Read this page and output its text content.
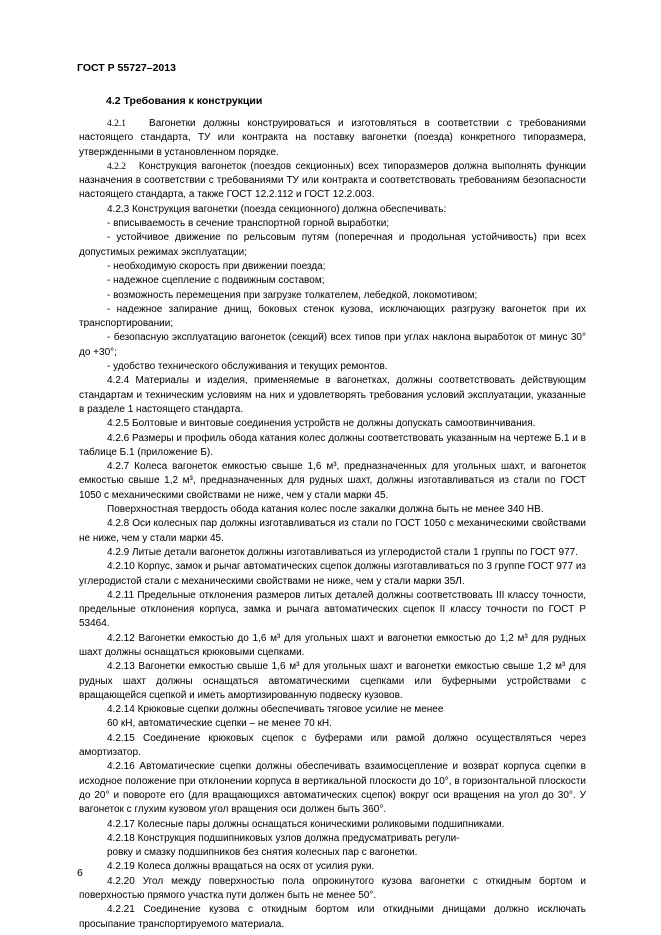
ГОСТ Р 55727–2013
4.2 Требования к конструкции

4.2.1 Вагонетки должны конструироваться и изготовляться в соответствии с требованиями настоящего стандарта, ТУ или контракта на поставку вагонетки (поезда) конкретного типоразмера, утвержденными в установленном порядке.

4.2.2 Конструкция вагонеток (поездов секционных) всех типоразмеров должна выполнять функции назначения в соответствии с требованиями ТУ или контракта и соответствовать требованиям безопасности настоящего стандарта, а также ГОСТ 12.2.112 и ГОСТ 12.2.003.

4.2.3 Конструкция вагонетки (поезда секционного) должна обеспечивать:

- вписываемость в сечение транспортной горной выработки;

- устойчивое движение по рельсовым путям (поперечная и продольная устойчивость) при всех допустимых режимах эксплуатации;

- необходимую скорость при движении поезда;

- надежное сцепление с подвижным составом;

- возможность перемещения при загрузке толкателем, лебедкой, локомотивом;

- надежное запирание днищ, боковых стенок кузова, исключающих разгрузку вагонеток при их транспортировании;

- безопасную эксплуатацию вагонеток (секций) всех типов при углах наклона выработок от минус 30° до +30°;

- удобство технического обслуживания и текущих ремонтов.

4.2.4 Материалы и изделия, применяемые в вагонетках, должны соответствовать действующим стандартам и техническим условиям на них и удовлетворять требования условий эксплуатации, указанные в разделе 1 настоящего стандарта.

4.2.5 Болтовые и винтовые соединения устройств не должны допускать самоотвинчивания.

4.2.6 Размеры и профиль обода катания колес должны соответствовать указанным на чертеже Б.1 и в таблице Б.1 (приложение Б).

4.2.7 Колеса вагонеток емкостью свыше 1,6 м³, предназначенных для угольных шахт, и вагонеток емкостью свыше 1,2 м³, предназначенных для рудных шахт, должны изготавливаться из стали по ГОСТ 1050 с механическими свойствами не ниже, чем у стали марки 45.

Поверхностная твердость обода катания колес после закалки должна быть не менее 340 НВ.

4.2.8 Оси колесных пар должны изготавливаться из стали по ГОСТ 1050 с механическими свойствами не ниже, чем у стали марки 45.

4.2.9 Литые детали вагонеток должны изготавливаться из углеродистой стали 1 группы по ГОСТ 977.

4.2.10 Корпус, замок и рычаг автоматических сцепок должны изготавливаться по 3 группе ГОСТ 977 из углеродистой стали с механическими свойствами не ниже, чем у стали марки 35Л.

4.2.11 Предельные отклонения размеров литых деталей должны соответствовать III классу точности, предельные отклонения корпуса, замка и рычага автоматических сцепок II классу точности по ГОСТ Р 53464.

4.2.12 Вагонетки емкостью до 1,6 м³ для угольных шахт и вагонетки емкостью до 1,2 м³ для рудных шахт должны оснащаться крюковыми сцепками.

4.2.13 Вагонетки емкостью свыше 1,6 м³ для угольных шахт и вагонетки емкостью свыше 1,2 м³ для рудных шахт должны оснащаться автоматическими сцепками или буферными устройствами с вращающейся сцепкой и иметь амортизированную подвеску кузовов.

4.2.14 Крюковые сцепки должны обеспечивать тяговое усилие не менее

60 кН, автоматические сцепки – не менее 70 кН.

4.2.15 Соединение крюковых сцепок с буферами или рамой должно осуществляться через амортизатор.

4.2.16 Автоматические сцепки должны обеспечивать взаимосцепление и возврат корпуса сцепки в исходное положение при отклонении корпуса в вертикальной плоскости до 10°, в горизонтальной плоскости до 20° и повороте его (для вращающихся автоматических сцепок) вокруг оси вращения на угол до 30°. У вагонеток с глухим кузовом угол вращения оси должен быть 360°.

4.2.17 Колесные пары должны оснащаться коническими роликовыми подшипниками.

4.2.18 Конструкция подшипниковых узлов должна предусматривать регули-

ровку и смазку подшипников без снятия колесных пар с вагонетки.

4.2.19 Колеса должны вращаться на осях от усилия руки.

4.2.20 Угол между поверхностью пола опрокинутого кузова вагонетки с откидным бортом и поверхностью прямого участка пути должен быть не менее 50°.

4.2.21 Соединение кузова с откидным бортом или откидными днищами должно исключать просыпание транспортируемого материала.

6
